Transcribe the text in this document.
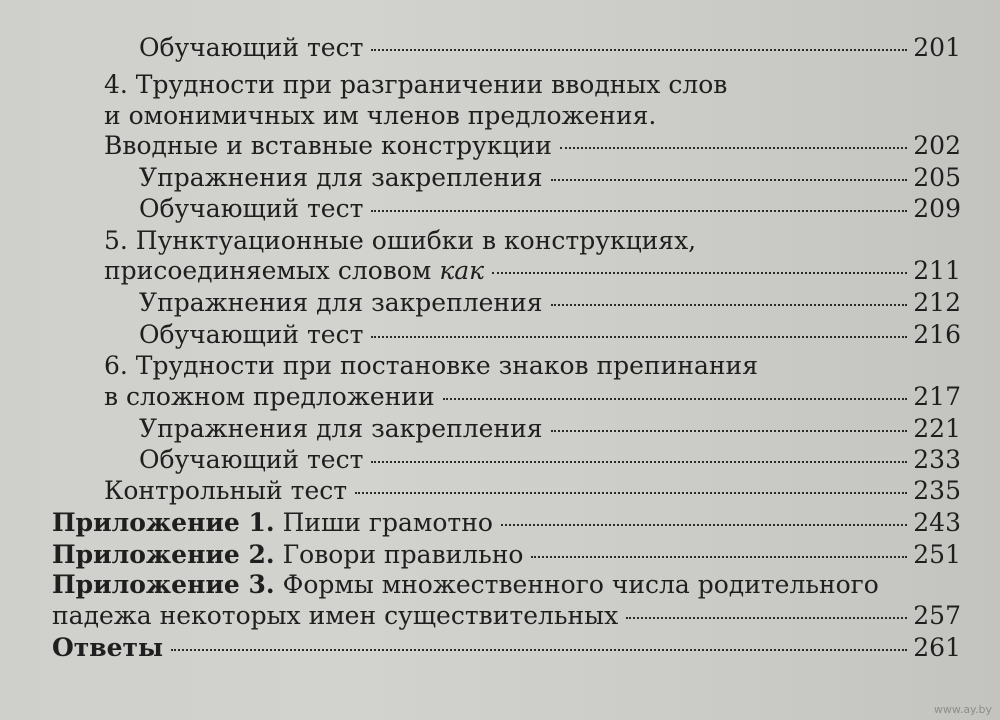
Обучающий тест	201
4. Трудности при разграничении вводных слов
и омонимичных им членов предложения.
Вводные и вставные конструкции	202
Упражнения для закрепления	205
Обучающий тест	209
5. Пунктуационные ошибки в конструкциях,
присоединяемых словом как	211
Упражнения для закрепления	212
Обучающий тест	216
6. Трудности при постановке знаков препинания
в сложном предложении	217
Упражнения для закрепления	221
Обучающий тест	233
Контрольный тест	235
Приложение 1. Пиши грамотно	243
Приложение 2. Говори правильно	251
Приложение 3. Формы множественного числа родительного
падежа некоторых имен существительных	257
Ответы	261
www.ay.by
